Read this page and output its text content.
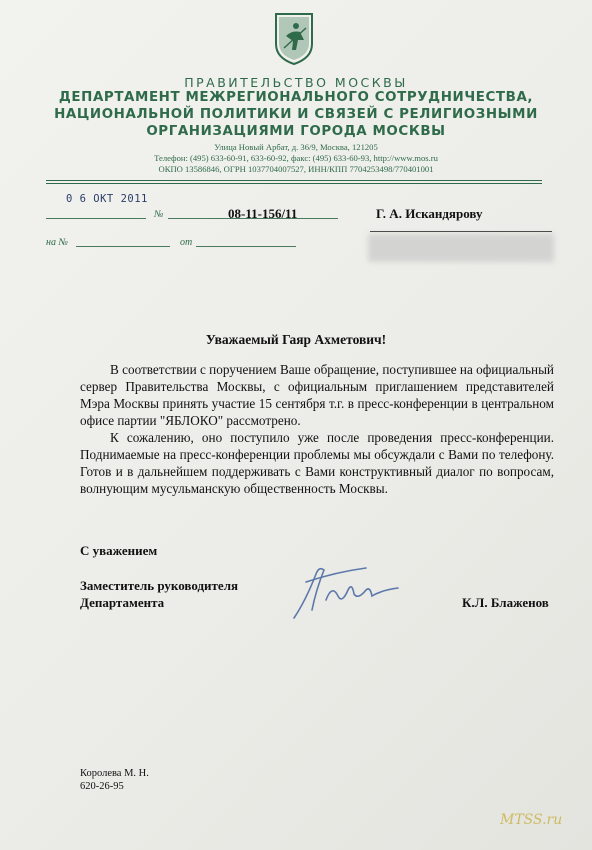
ПРАВИТЕЛЬСТВО МОСКВЫ
ДЕПАРТАМЕНТ МЕЖРЕГИОНАЛЬНОГО СОТРУДНИЧЕСТВА,
НАЦИОНАЛЬНОЙ ПОЛИТИКИ И СВЯЗЕЙ С РЕЛИГИОЗНЫМИ
ОРГАНИЗАЦИЯМИ ГОРОДА МОСКВЫ
Улица Новый Арбат, д. 36/9, Москва, 121205
Телефон: (495) 633-60-91, 633-60-92, факс: (495) 633-60-93, http://www.mos.ru
ОКПО 13586846, ОГРН 1037704007527, ИНН/КПП 7704253498/770401001
0 6 ОКТ 2011
№	08-11-156/11
на №	от
Г. А. Искандярову
Уважаемый Гаяр Ахметович!

В соответствии с поручением Ваше обращение, поступившее на официальный сервер Правительства Москвы, с официальным приглашением представителей Мэра Москвы принять участие 15 сентября т.г. в пресс-конференции в центральном офисе партии "ЯБЛОКО" рассмотрено.

К сожалению, оно поступило уже после проведения пресс-конференции. Поднимаемые на пресс-конференции проблемы мы обсуждали с Вами по телефону. Готов и в дальнейшем поддерживать с Вами конструктивный диалог по вопросам, волнующим мусульманскую общественность Москвы.

С уважением
Заместитель руководителя
Департамента	К.Л. Блаженов
Королева М. Н.
620-26-95
MTSS.ru
